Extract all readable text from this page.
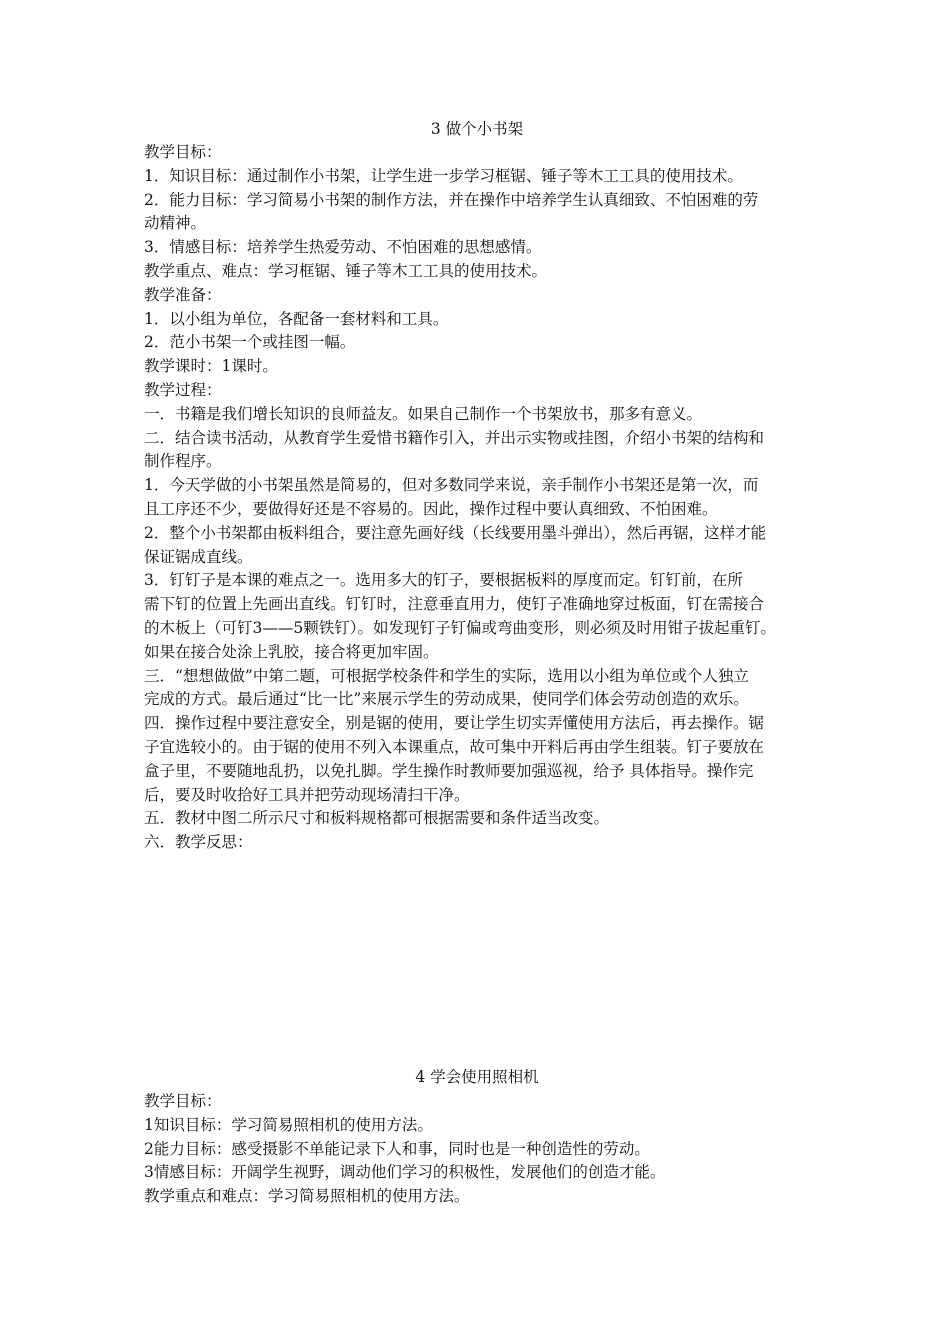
3 做个小书架
教学目标：
1．知识目标：通过制作小书架，让学生进一步学习框锯、锤子等木工工具的使用技术。
2．能力目标：学习简易小书架的制作方法，并在操作中培养学生认真细致、不怕困难的劳
动精神。
3．情感目标：培养学生热爱劳动、不怕困难的思想感情。
教学重点、难点：学习框锯、锤子等木工工具的使用技术。
教学准备：
1．以小组为单位，各配备一套材料和工具。
2．范小书架一个或挂图一幅。
教学课时：1课时。
教学过程：
一．书籍是我们增长知识的良师益友。如果自己制作一个书架放书，那多有意义。
二．结合读书活动，从教育学生爱惜书籍作引入，并出示实物或挂图，介绍小书架的结构和
制作程序。
1．今天学做的小书架虽然是简易的，但对多数同学来说，亲手制作小书架还是第一次，而
且工序还不少，要做得好还是不容易的。因此，操作过程中要认真细致、不怕困难。
2．整个小书架都由板料组合，要注意先画好线（长线要用墨斗弹出），然后再锯，这样才能
保证锯成直线。
3．钉钉子是本课的难点之一。选用多大的钉子，要根据板料的厚度而定。钉钉前，在所
需下钉的位置上先画出直线。钉钉时，注意垂直用力，使钉子准确地穿过板面，钉在需接合
的木板上（可钉3——5颗铁钉）。如发现钉子钉偏或弯曲变形，则必须及时用钳子拔起重钉。
如果在接合处涂上乳胶，接合将更加牢固。
三．“想想做做”中第二题，可根据学校条件和学生的实际，选用以小组为单位或个人独立
完成的方式。最后通过“比一比”来展示学生的劳动成果，使同学们体会劳动创造的欢乐。
四．操作过程中要注意安全，别是锯的使用，要让学生切实弄懂使用方法后，再去操作。锯
子宜选较小的。由于锯的使用不列入本课重点，故可集中开料后再由学生组装。钉子要放在
盒子里，不要随地乱扔，以免扎脚。学生操作时教师要加强巡视，给予 具体指导。操作完
后，要及时收拾好工具并把劳动现场清扫干净。
五．教材中图二所示尺寸和板料规格都可根据需要和条件适当改变。
六．教学反思：
4 学会使用照相机
教学目标：
1知识目标：学习简易照相机的使用方法。
2能力目标：感受摄影不单能记录下人和事，同时也是一种创造性的劳动。
3情感目标：开阔学生视野，调动他们学习的积极性，发展他们的创造才能。
教学重点和难点：学习简易照相机的使用方法。
